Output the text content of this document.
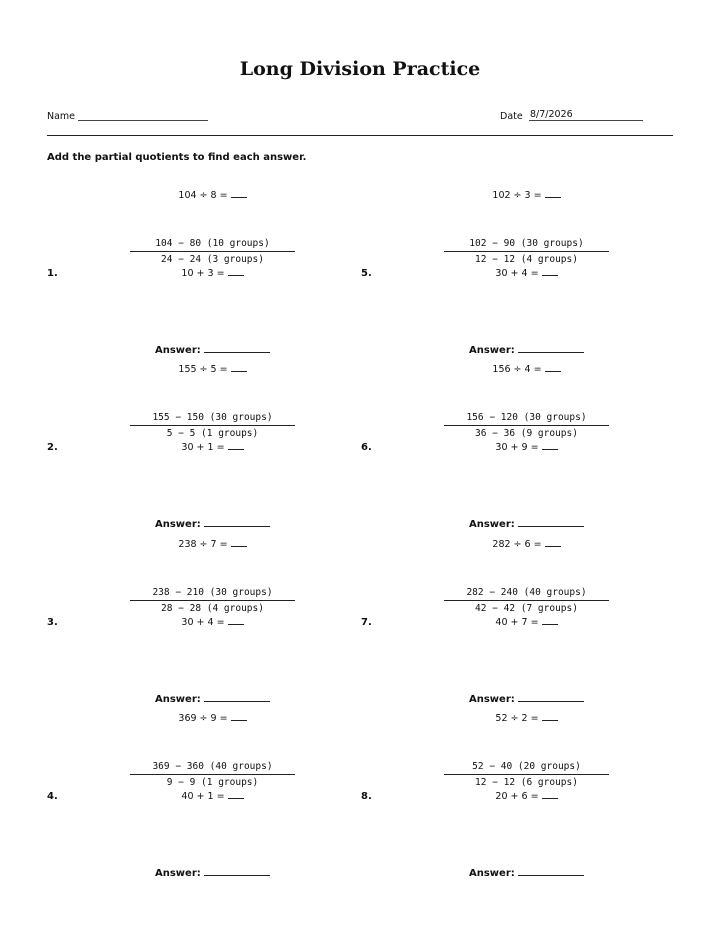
Long Division Practice
Name	Date 8/7/2026
Add the partial quotients to find each answer.
104 ÷ 8 =
104 − 80 (10 groups)
24 − 24 (3 groups)
1.	10 + 3 =
Answer:
155 ÷ 5 =
155 − 150 (30 groups)
5 − 5 (1 groups)
2.	30 + 1 =
Answer:
238 ÷ 7 =
238 − 210 (30 groups)
28 − 28 (4 groups)
3.	30 + 4 =
Answer:
369 ÷ 9 =
369 − 360 (40 groups)
9 − 9 (1 groups)
4.	40 + 1 =
Answer:
102 ÷ 3 =
102 − 90 (30 groups)
12 − 12 (4 groups)
5.	30 + 4 =
Answer:
156 ÷ 4 =
156 − 120 (30 groups)
36 − 36 (9 groups)
6.	30 + 9 =
Answer:
282 ÷ 6 =
282 − 240 (40 groups)
42 − 42 (7 groups)
7.	40 + 7 =
Answer:
52 ÷ 2 =
52 − 40 (20 groups)
12 − 12 (6 groups)
8.	20 + 6 =
Answer:
